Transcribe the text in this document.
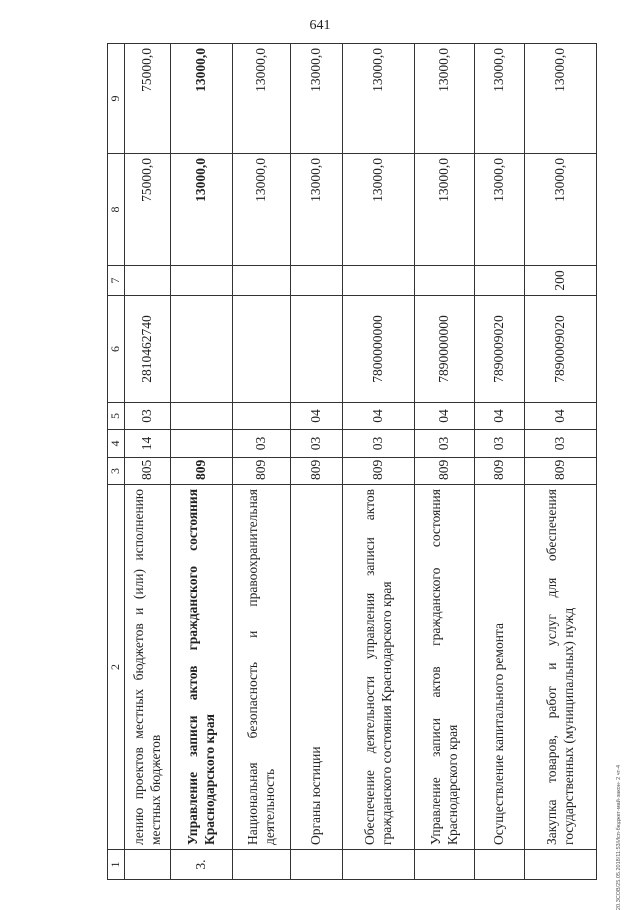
641
1	2	3	4	5	6	7	8	9
	лению проектов местных бюджетов и (или) исполнению местных бюджетов	805	14	03	2810462740		75000,0	75000,0
3.	Управление записи актов гражданского состояния Краснодарского края	809					13000,0	13000,0
	Национальная безопасность и правоохранительная деятельность	809	03				13000,0	13000,0
	Органы юстиции	809	03	04			13000,0	13000,0
	Обеспечение деятельности управления записи актов гражданского состояния Краснодарского края	809	03	04	7800000000		13000,0	13000,0
	Управление записи актов гражданского состояния Краснодарского края	809	03	04	7890000000		13000,0	13000,0
	Осуществление капитального ремонта	809	03	04	7890009020		13000,0	13000,0
	Закупка товаров, работ и услуг для обеспечения государственных (муниципальных) нужд	809	03	04	7890009020	200	13000,0	13000,0
20.ЗСОВ/25.05.2018/11:53/Исп-бюджет-май-закон- 2 чт-4
